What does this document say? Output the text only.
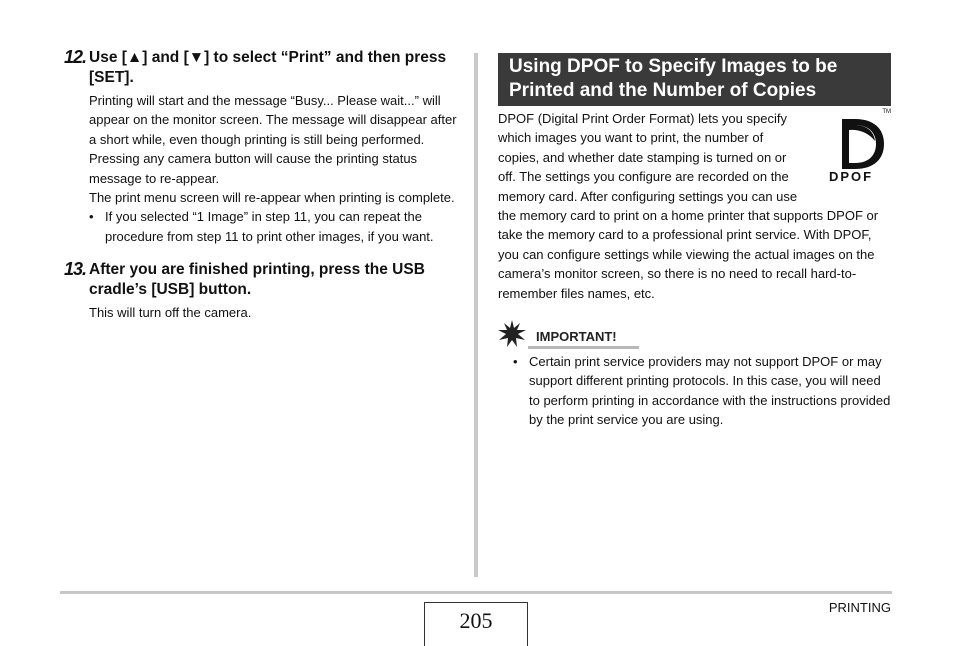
12. Use [▲] and [▼] to select “Print” and then press [SET].

Printing will start and the message “Busy... Please wait...” will appear on the monitor screen. The message will disappear after a short while, even though printing is still being performed. Pressing any camera button will cause the printing status message to re-appear.

The print menu screen will re-appear when printing is complete.

• If you selected “1 Image” in step 11, you can repeat the procedure from step 11 to print other images, if you want.
13. After you are finished printing, press the USB cradle’s [USB] button.

This will turn off the camera.

Using DPOF to Specify Images to be Printed and the Number of Copies
DPOF
TM

DPOF (Digital Print Order Format) lets you specify which images you want to print, the number of copies, and whether date stamping is turned on or off. The settings you configure are recorded on the memory card. After configuring settings you can use the memory card to print on a home printer that supports DPOF or take the memory card to a professional print service. With DPOF, you can configure settings while viewing the actual images on the camera’s monitor screen, so there is no need to recall hard-to-remember files names, etc.

IMPORTANT!
• Certain print service providers may not support DPOF or may support different printing protocols. In this case, you will need to perform printing in accordance with the instructions provided by the print service you are using.
205
PRINTING
